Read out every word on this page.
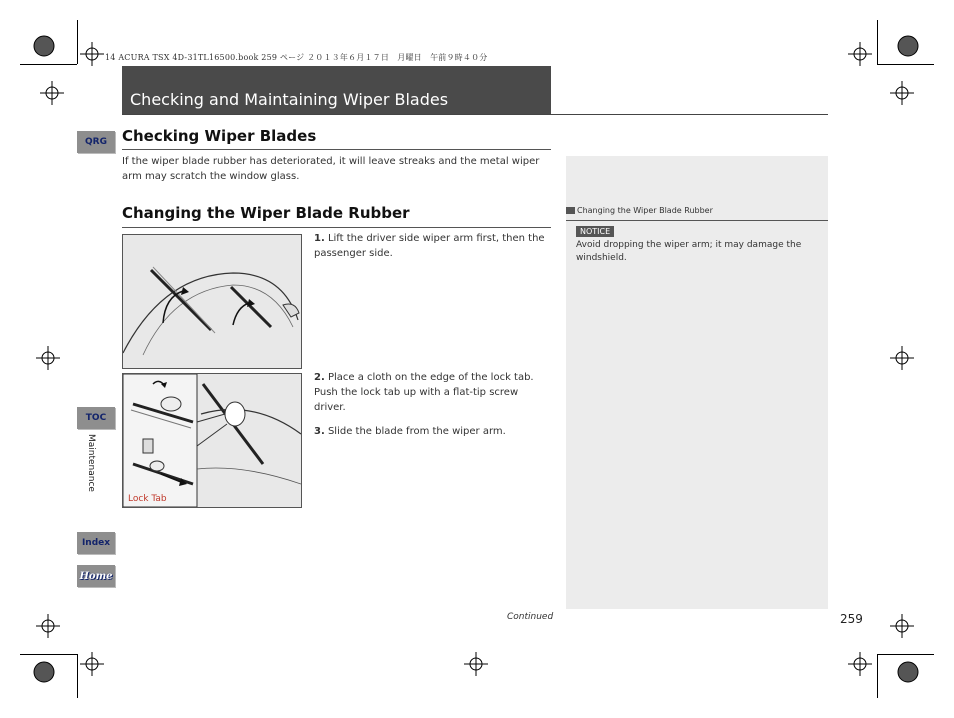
14 ACURA TSX 4D-31TL16500.book 259 ページ ２０１３年６月１７日　月曜日　午前９時４０分
Checking and Maintaining Wiper Blades
QRG
TOC
Maintenance
Index
Home
Checking Wiper Blades
If the wiper blade rubber has deteriorated, it will leave streaks and the metal wiper arm may scratch the window glass.
Changing the Wiper Blade Rubber
NOTICE
Avoid dropping the wiper arm; it may damage the windshield.
Changing the Wiper Blade Rubber
1. Lift the driver side wiper arm first, then the passenger side.
Lock Tab
2. Place a cloth on the edge of the lock tab. Push the lock tab up with a flat-tip screw driver.
3. Slide the blade from the wiper arm.
Continued	259
